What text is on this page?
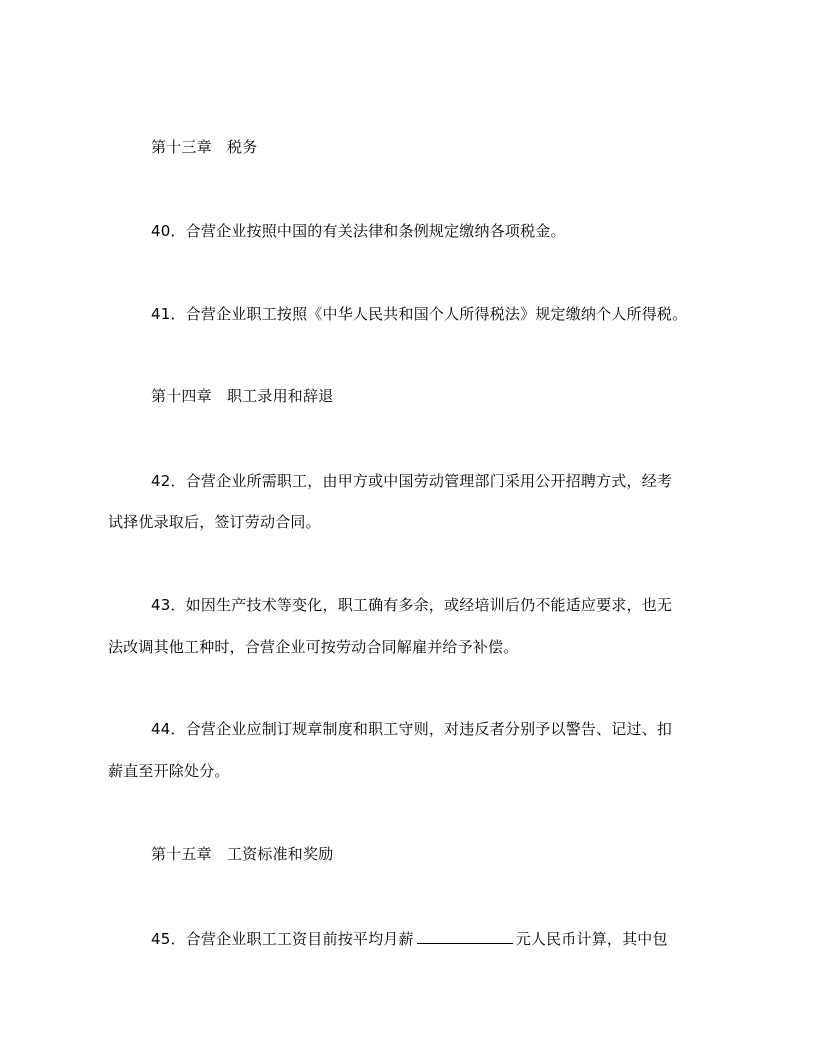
第十三章　税务
40．合营企业按照中国的有关法律和条例规定缴纳各项税金。
41．合营企业职工按照《中华人民共和国个人所得税法》规定缴纳个人所得税。
第十四章　职工录用和辞退
42．合营企业所需职工，由甲方或中国劳动管理部门采用公开招聘方式，经考
试择优录取后，签订劳动合同。
43．如因生产技术等变化，职工确有多余，或经培训后仍不能适应要求，也无
法改调其他工种时，合营企业可按劳动合同解雇并给予补偿。
44．合营企业应制订规章制度和职工守则，对违反者分别予以警告、记过、扣
薪直至开除处分。
第十五章　工资标准和奖励
45．合营企业职工工资目前按平均月薪	元人民币计算，其中包
